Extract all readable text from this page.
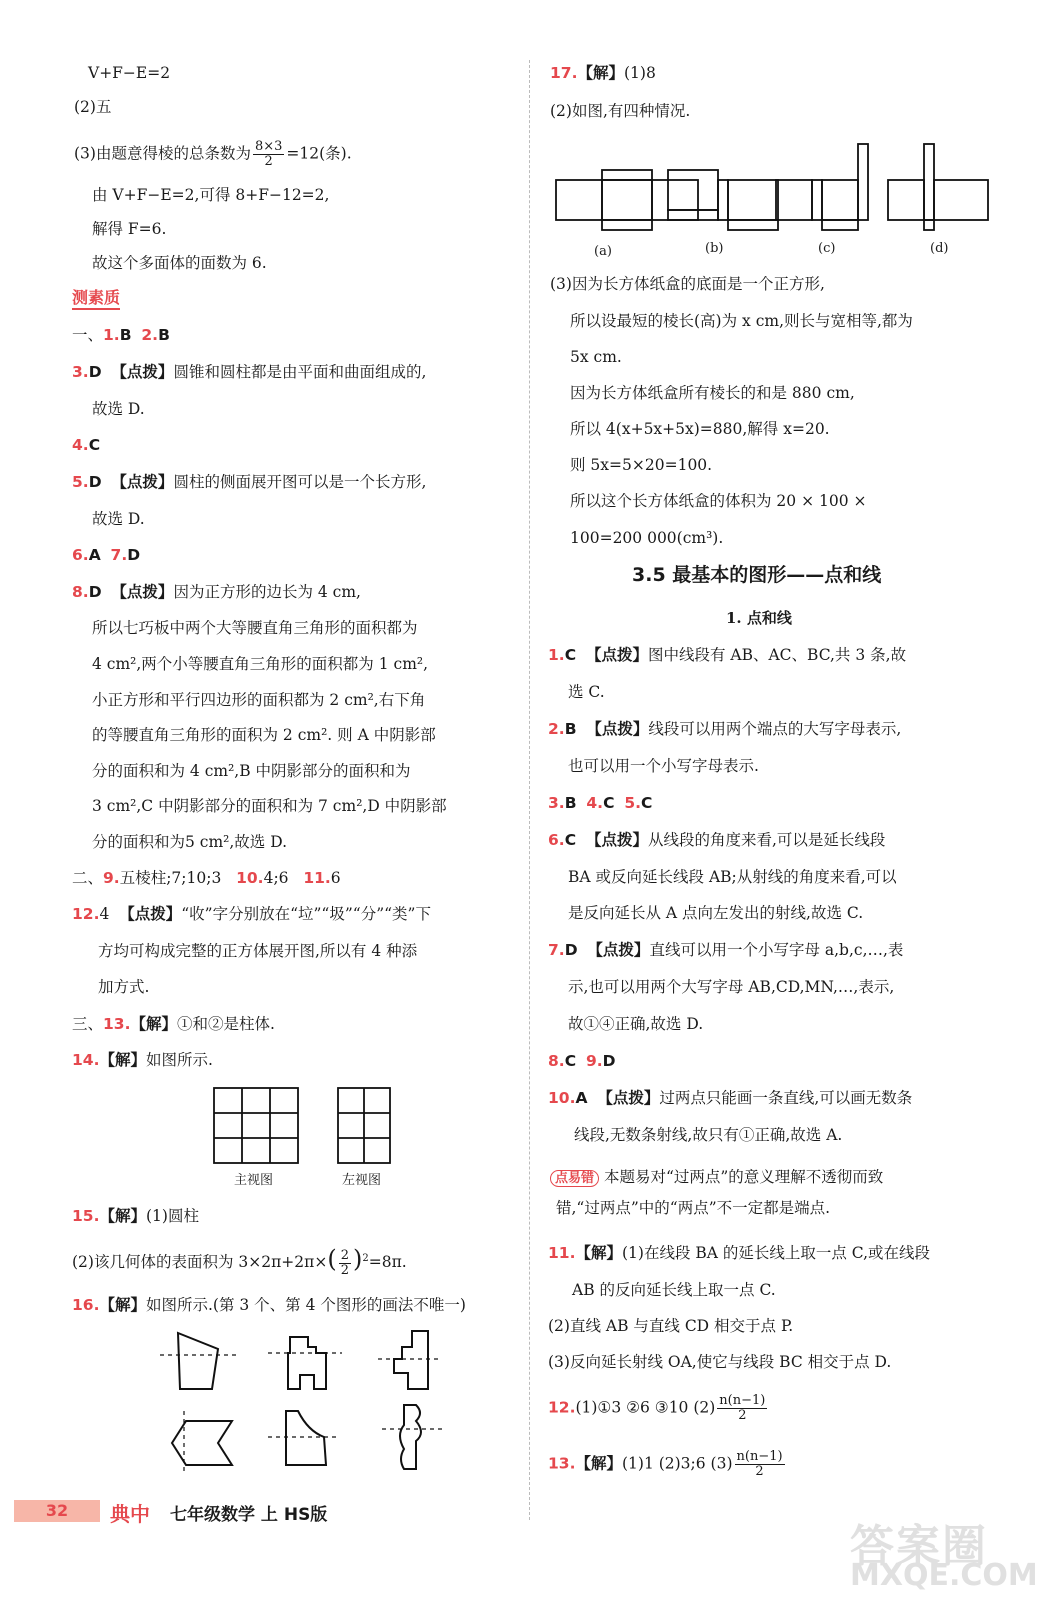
V+F−E=2
(2)五
(3)由题意得棱的总条数为 $\frac{8\times 3}{2} =12$(条).
由 V+F−E=2,可得 8+F−12=2,
解得 F=6.
故这个多面体的面数为 6.
测素质
一、1.B 2.B
3.D 【点拨】圆锥和圆柱都是由平面和曲面组成的,
故选 D.
4.C
5.D 【点拨】圆柱的侧面展开图可以是一个长方形,
故选 D.
6.A 7.D
8.D 【点拨】因为正方形的边长为 4 cm,
所以七巧板中两个大等腰直角三角形的面积都为
4 cm²,两个小等腰直角三角形的面积都为 1 cm²,
小正方形和平行四边形的面积都为 2 cm²,右下角
的等腰直角三角形的面积为 2 cm². 则 A 中阴影部
分的面积和为 4 cm²,B 中阴影部分的面积和为
3 cm²,C 中阴影部分的面积和为 7 cm²,D 中阴影部
分的面积和为5 cm²,故选 D.
二、9.五棱柱;7;10;3 10.4;6 11.6
12.4 【点拨】“收”字分别放在“垃”“圾”“分”“类”下
方均可构成完整的正方体展开图,所以有 4 种添
加方式.
三、13.【解】①和②是柱体.
14.【解】如图所示.
主视图	左视图
15.【解】(1)圆柱
(2)该几何体的表面积为 $3\times 2\pi+2\pi\times( \frac{2}{2} )^2=8\pi$.
16.【解】如图所示.(第 3 个、第 4 个图形的画法不唯一)
17.【解】(1)8
(2)如图,有四种情况.
(a)	(b)	(c)	(d)
(3)因为长方体纸盒的底面是一个正方形,
所以设最短的棱长(高)为 x cm,则长与宽相等,都为
5x cm.
因为长方体纸盒所有棱长的和是 880 cm,
所以 4(x+5x+5x)=880,解得 x=20.
则 5x=5×20=100.
所以这个长方体纸盒的体积为 20 × 100 ×
100=200 000(cm³).
3.5 最基本的图形——点和线
1. 点和线
1.C 【点拨】图中线段有 AB、AC、BC,共 3 条,故
选 C.
2.B 【点拨】线段可以用两个端点的大写字母表示,
也可以用一个小写字母表示.
3.B 4.C 5.C
6.C 【点拨】从线段的角度来看,可以是延长线段
BA 或反向延长线段 AB;从射线的角度来看,可以
是反向延长从 A 点向左发出的射线,故选 C.
7.D 【点拨】直线可以用一个小写字母 a,b,c,…,表
示,也可以用两个大写字母 AB,CD,MN,…,表示,
故①④正确,故选 D.
8.C 9.D
10.A 【点拨】过两点只能画一条直线,可以画无数条
线段,无数条射线,故只有①正确,故选 A.
点易错 本题易对“过两点”的意义理解不透彻而致
错,“过两点”中的“两点”不一定都是端点.
11.【解】(1)在线段 BA 的延长线上取一点 C,或在线段
AB 的反向延长线上取一点 C.
(2)直线 AB 与直线 CD 相交于点 P.
(3)反向延长射线 OA,使它与线段 BC 相交于点 D.
12.(1)①3 ②6 ③10 $(2) \frac{n(n-1)}{2}$
13.【解】(1)1 (2)3;6 $(3) \frac{n(n-1)}{2}$
32	典中 七年级数学 上 HS版
答案圈
MXQE.COM
